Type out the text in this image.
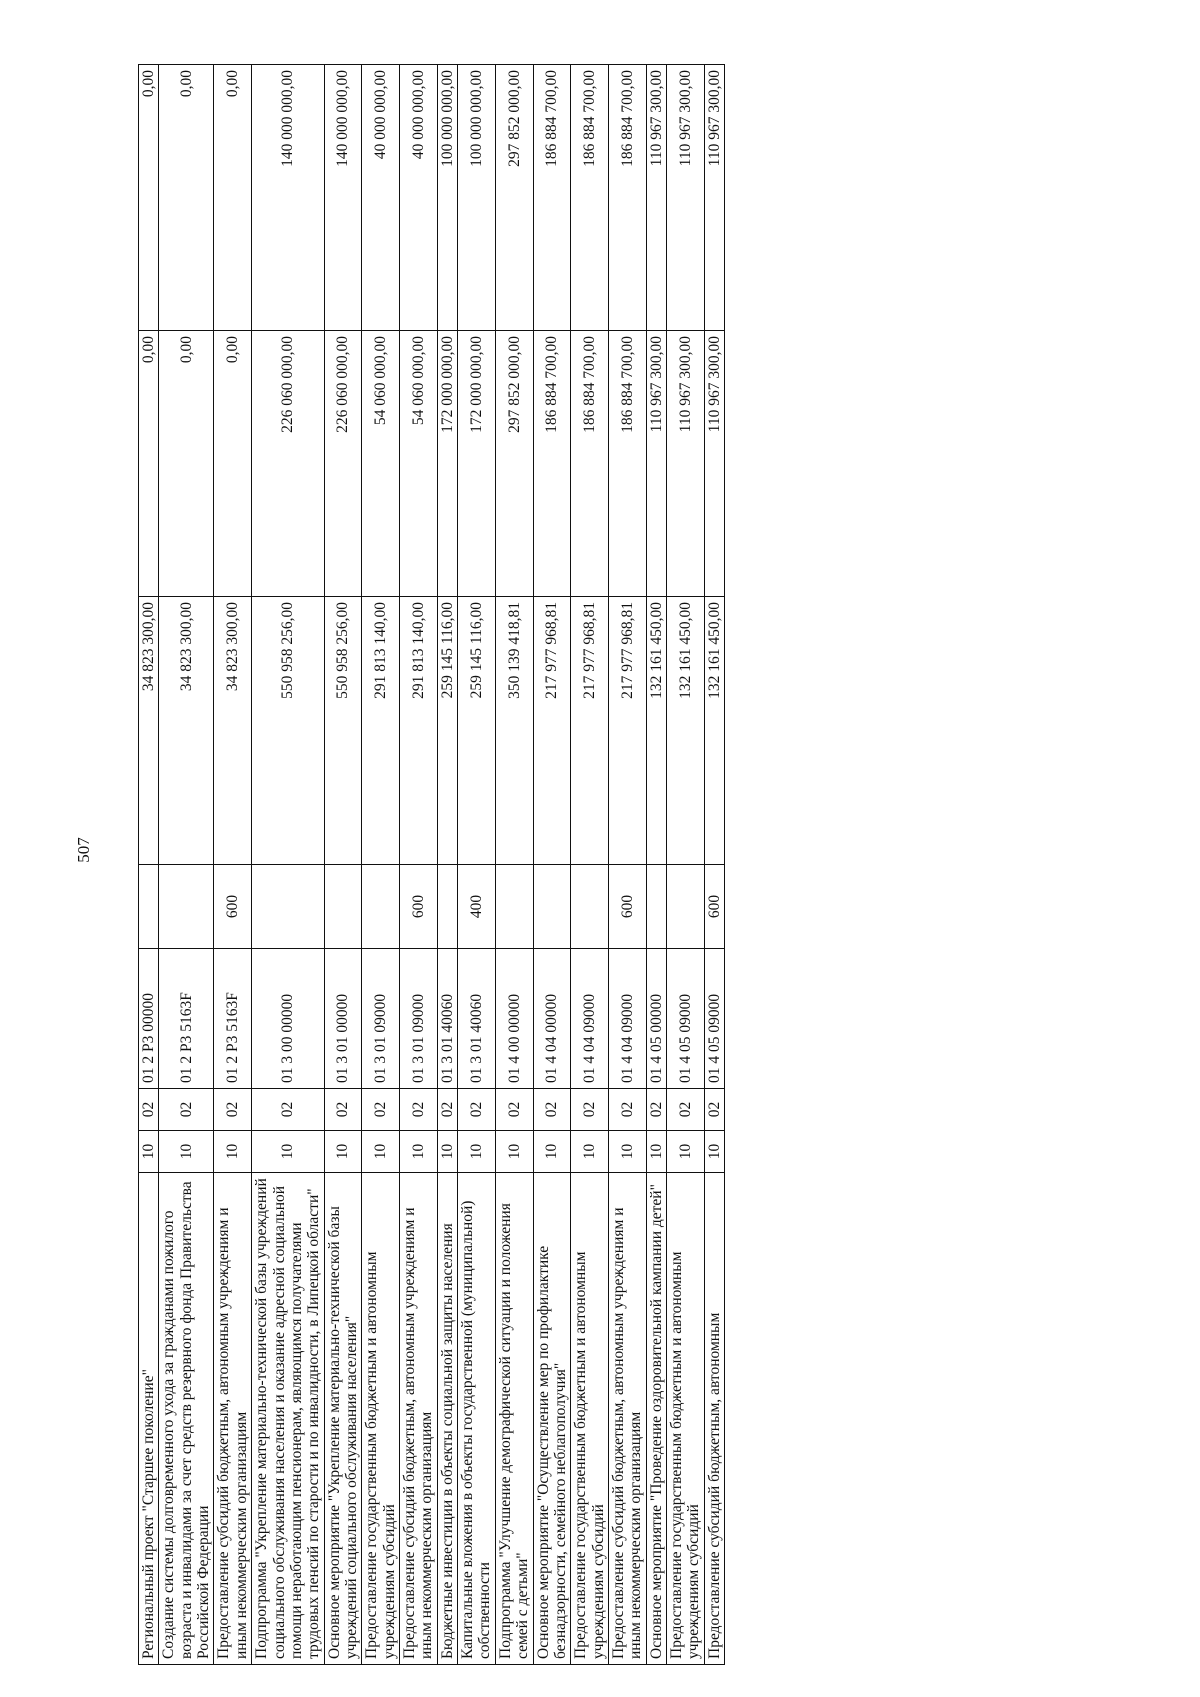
507
Региональный проект "Старшее поколение"	10	02	01 2 P3 00000		34 823 300,00	0,00	0,00
Создание системы долговременного ухода за гражданами пожилого возраста и инвалидами за счет средств резервного фонда Правительства Российской Федерации	10	02	01 2 P3 5163F		34 823 300,00	0,00	0,00
Предоставление субсидий бюджетным, автономным учреждениям и иным некоммерческим организациям	10	02	01 2 P3 5163F	600	34 823 300,00	0,00	0,00
Подпрограмма "Укрепление материально-технической базы учреждений социального обслуживания населения и оказание адресной социальной помощи неработающим пенсионерам, являющимся получателями трудовых пенсий по старости и по инвалидности, в Липецкой области"	10	02	01 3 00 00000		550 958 256,00	226 060 000,00	140 000 000,00
Основное мероприятие "Укрепление материально-технической базы учреждений социального обслуживания населения"	10	02	01 3 01 00000		550 958 256,00	226 060 000,00	140 000 000,00
Предоставление государственным бюджетным и автономным учреждениям субсидий	10	02	01 3 01 09000		291 813 140,00	54 060 000,00	40 000 000,00
Предоставление субсидий бюджетным, автономным учреждениям и иным некоммерческим организациям	10	02	01 3 01 09000	600	291 813 140,00	54 060 000,00	40 000 000,00
Бюджетные инвестиции в объекты социальной защиты населения	10	02	01 3 01 40060		259 145 116,00	172 000 000,00	100 000 000,00
Капитальные вложения в объекты государственной (муниципальной) собственности	10	02	01 3 01 40060	400	259 145 116,00	172 000 000,00	100 000 000,00
Подпрограмма "Улучшение демографической ситуации и положения семей с детьми"	10	02	01 4 00 00000		350 139 418,81	297 852 000,00	297 852 000,00
Основное мероприятие "Осуществление мер по профилактике безнадзорности, семейного неблагополучия"	10	02	01 4 04 00000		217 977 968,81	186 884 700,00	186 884 700,00
Предоставление государственным бюджетным и автономным учреждениям субсидий	10	02	01 4 04 09000		217 977 968,81	186 884 700,00	186 884 700,00
Предоставление субсидий бюджетным, автономным учреждениям и иным некоммерческим организациям	10	02	01 4 04 09000	600	217 977 968,81	186 884 700,00	186 884 700,00
Основное мероприятие "Проведение оздоровительной кампании детей"	10	02	01 4 05 00000		132 161 450,00	110 967 300,00	110 967 300,00
Предоставление государственным бюджетным и автономным учреждениям субсидий	10	02	01 4 05 09000		132 161 450,00	110 967 300,00	110 967 300,00
Предоставление субсидий бюджетным, автономным	10	02	01 4 05 09000	600	132 161 450,00	110 967 300,00	110 967 300,00
